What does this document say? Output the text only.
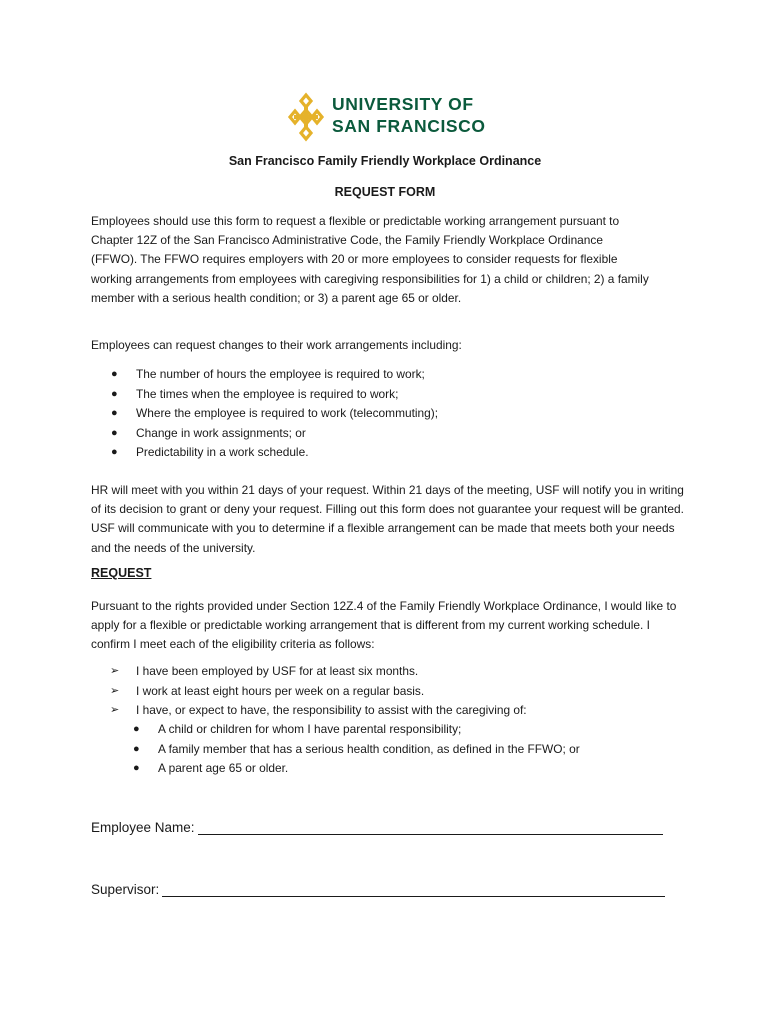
UNIVERSITY OF
SAN FRANCISCO
San Francisco Family Friendly Workplace Ordinance
REQUEST FORM

Employees should use this form to request a flexible or predictable working arrangement pursuant to Chapter 12Z of the San Francisco Administrative Code, the Family Friendly Workplace Ordinance (FFWO). The FFWO requires employers with 20 or more employees to consider requests for flexible working arrangements from employees with caregiving responsibilities for 1) a child or children; 2) a family member with a serious health condition; or 3) a parent age 65 or older.

Employees can request changes to their work arrangements including:

● The number of hours the employee is required to work;
● The times when the employee is required to work;
● Where the employee is required to work (telecommuting);
● Change in work assignments; or
● Predictability in a work schedule.

HR will meet with you within 21 days of your request. Within 21 days of the meeting, USF will notify you in writing of its decision to grant or deny your request. Filling out this form does not guarantee your request will be granted. USF will communicate with you to determine if a flexible arrangement can be made that meets both your needs and the needs of the university.

REQUEST

Pursuant to the rights provided under Section 12Z.4 of the Family Friendly Workplace Ordinance, I would like to apply for a flexible or predictable working arrangement that is different from my current working schedule. I confirm I meet each of the eligibility criteria as follows:

➢ I have been employed by USF for at least six months.
➢ I work at least eight hours per week on a regular basis.
➢ I have, or expect to have, the responsibility to assist with the caregiving of:
● A child or children for whom I have parental responsibility;
● A family member that has a serious health condition, as defined in the FFWO; or
● A parent age 65 or older.
Employee Name:
Supervisor:
